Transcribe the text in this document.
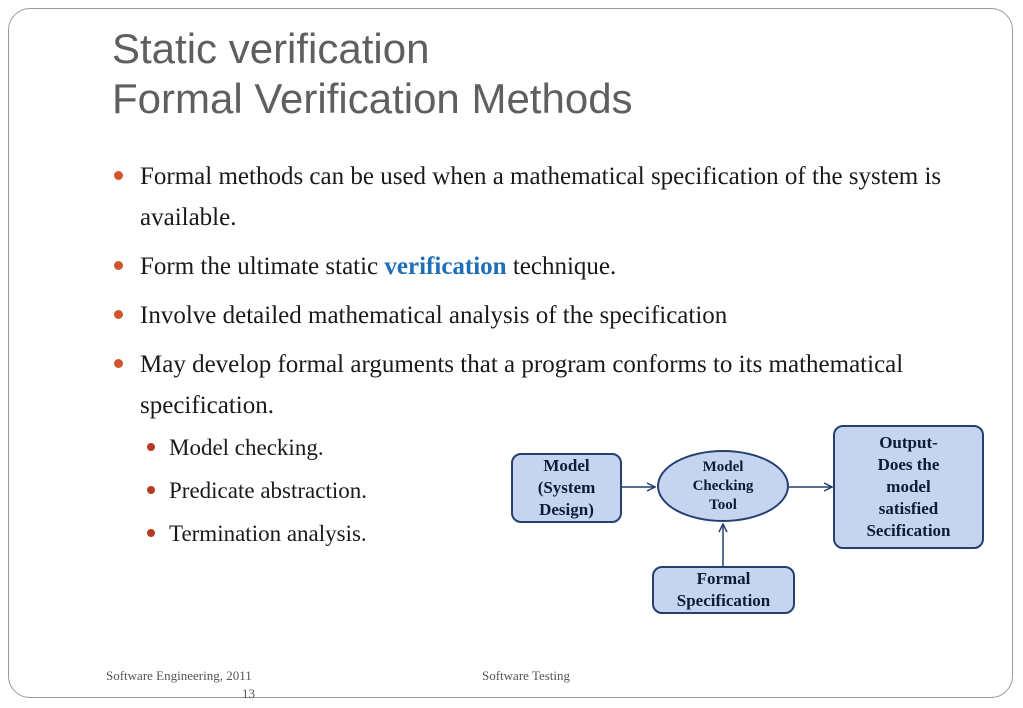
Static verification
Formal Verification Methods
Formal methods can be used when a mathematical specification of the system is available.
Form the ultimate static verification technique.
Involve detailed mathematical analysis of the specification
May develop formal arguments that a program conforms to its mathematical specification.
Model checking.
Predicate abstraction.
Termination analysis.
Model
(System
Design)
Model
Checking
Tool
Output-
Does the
model
satisfied
Secification
Formal
Specification
Software Engineering, 2011
13
Software Testing
